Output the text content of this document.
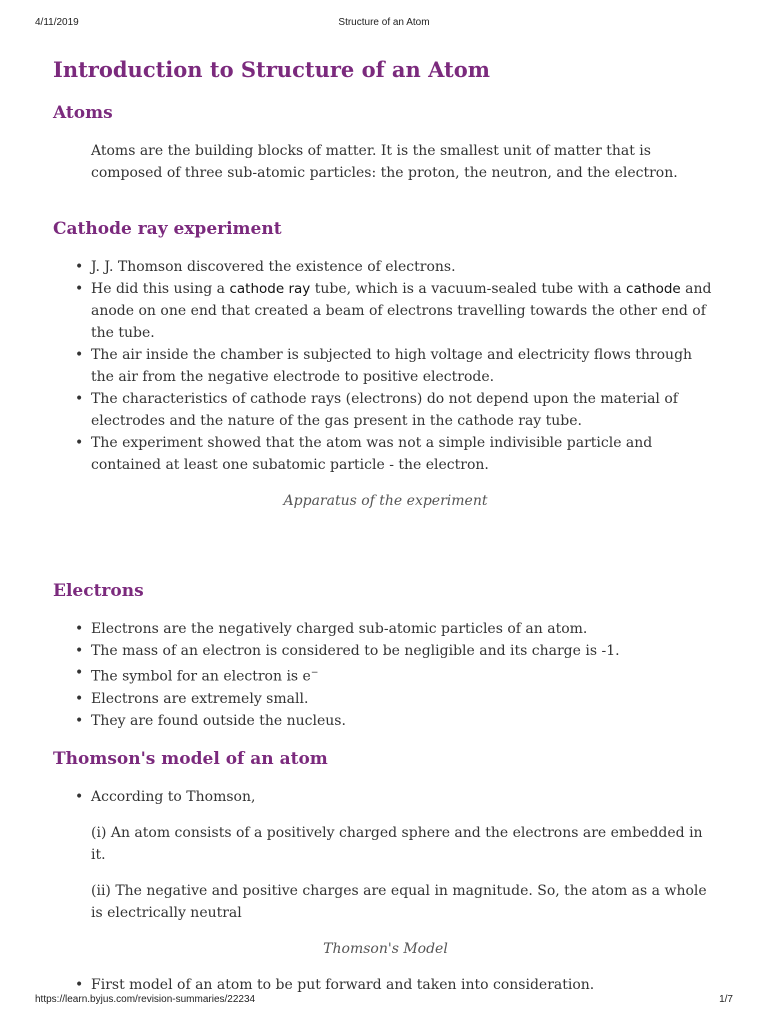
4/11/2019	Structure of an Atom
Introduction to Structure of an Atom
Atoms

Atoms are the building blocks of matter. It is the smallest unit of matter that is composed of three sub-atomic particles: the proton, the neutron, and the electron.

Cathode ray experiment
• J. J. Thomson discovered the existence of electrons.
• He did this using a cathode ray tube, which is a vacuum-sealed tube with a cathode and anode on one end that created a beam of electrons travelling towards the other end of the tube.
• The air inside the chamber is subjected to high voltage and electricity flows through the air from the negative electrode to positive electrode.
• The characteristics of cathode rays (electrons) do not depend upon the material of electrodes and the nature of the gas present in the cathode ray tube.
• The experiment showed that the atom was not a simple indivisible particle and contained at least one subatomic particle - the electron.

Apparatus of the experiment

Electrons
• Electrons are the negatively charged sub-atomic particles of an atom.
• The mass of an electron is considered to be negligible and its charge is -1.
• The symbol for an electron is e−
• Electrons are extremely small.
• They are found outside the nucleus.
Thomson's model of an atom
• According to Thomson,

(i) An atom consists of a positively charged sphere and the electrons are embedded in it.

(ii) The negative and positive charges are equal in magnitude. So, the atom as a whole is electrically neutral

Thomson's Model

• First model of an atom to be put forward and taken into consideration.
https://learn.byjus.com/revision-summaries/22234	1/7
